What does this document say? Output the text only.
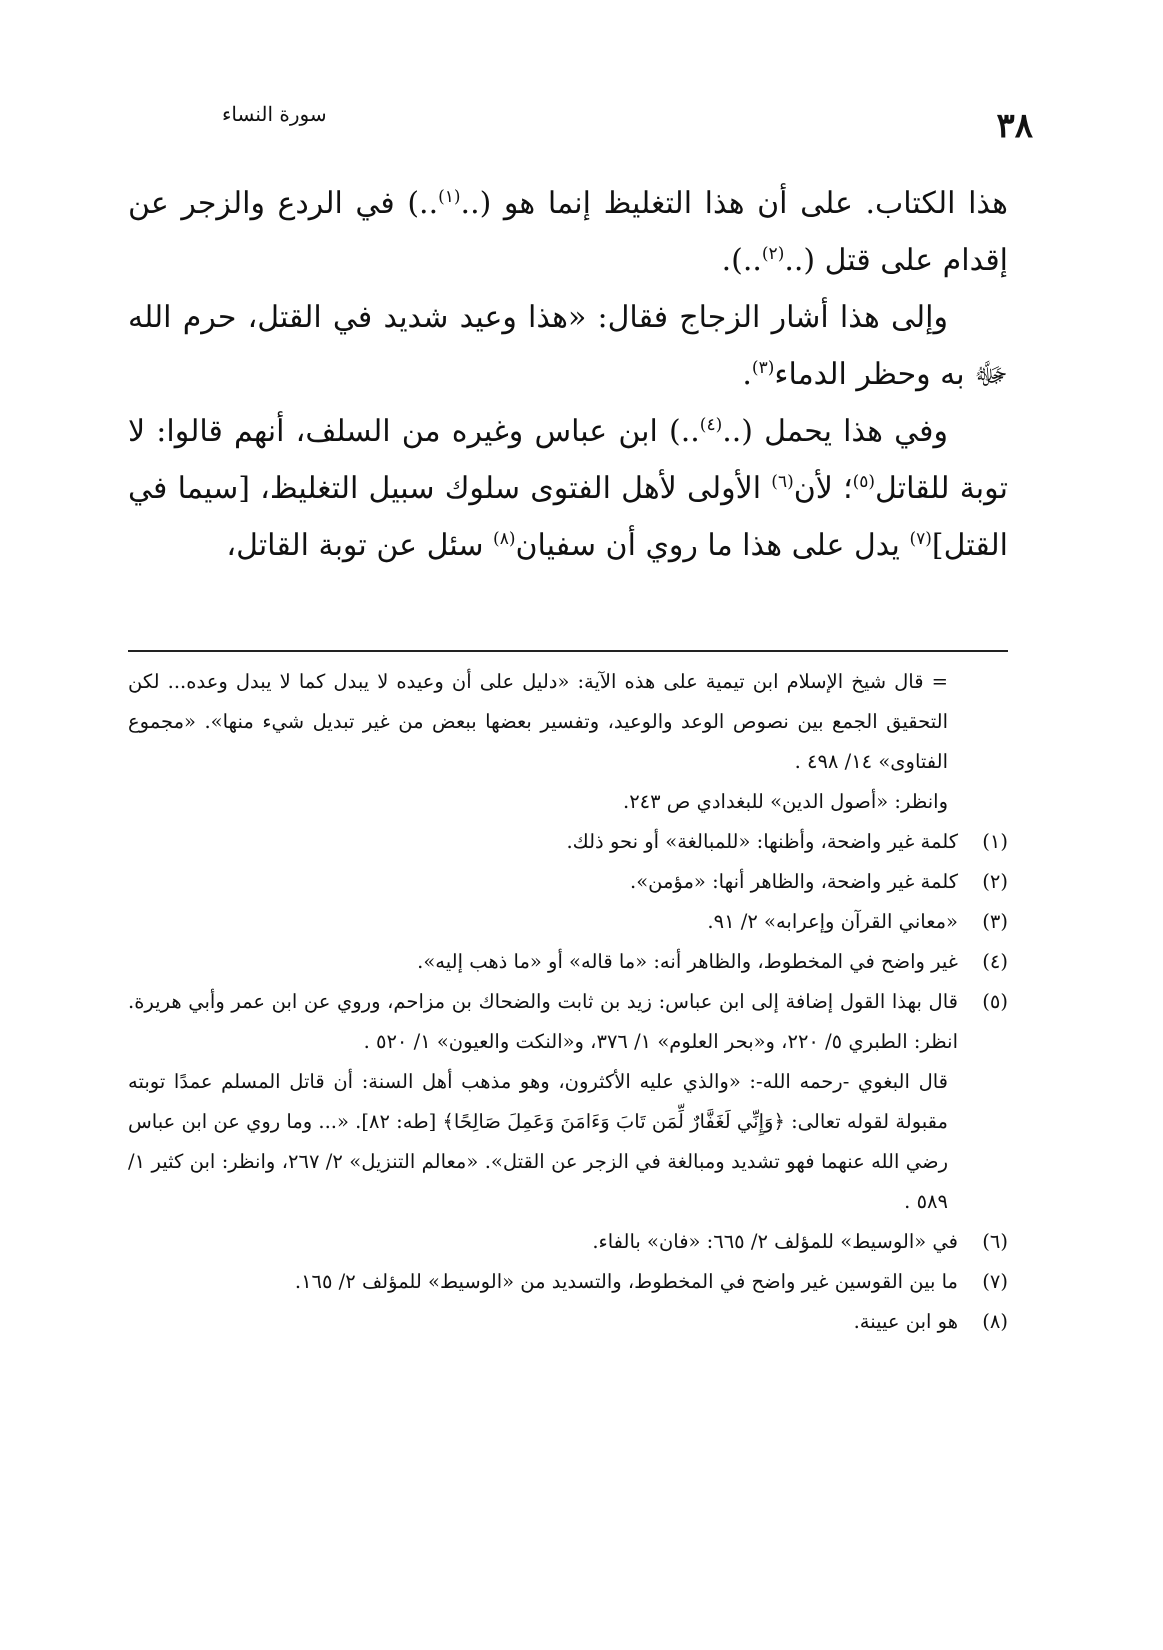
٣٨
سورة النساء

هذا الكتاب. على أن هذا التغليظ إنما هو (..$^{(١)}$..) في الردع والزجر عن إقدام على قتل (..$^{(٢)}$..).

وإلى هذا أشار الزجاج فقال: «هذا وعيد شديد في القتل، حرم الله ﷻ به وحظر الدماء$^{(٣)}$.

وفي هذا يحمل (..$^{(٤)}$..) ابن عباس وغيره من السلف، أنهم قالوا: لا توبة للقاتل$^{(٥)}$؛ لأن$^{(٦)}$ الأولى لأهل الفتوى سلوك سبيل التغليظ، [سيما في القتل]$^{(٧)}$ يدل على هذا ما روي أن سفيان$^{(٨)}$ سئل عن توبة القاتل،

= قال شيخ الإسلام ابن تيمية على هذه الآية: «دليل على أن وعيده لا يبدل كما لا يبدل وعده... لكن التحقيق الجمع بين نصوص الوعد والوعيد، وتفسير بعضها ببعض من غير تبديل شيء منها». «مجموع الفتاوى» ١٤/ ٤٩٨ .

وانظر: «أصول الدين» للبغدادي ص ٢٤٣.

(١)
كلمة غير واضحة، وأظنها: «للمبالغة» أو نحو ذلك.
(٢)
كلمة غير واضحة، والظاهر أنها: «مؤمن».
(٣)
«معاني القرآن وإعرابه» ٢/ ٩١.
(٤)
غير واضح في المخطوط، والظاهر أنه: «ما قاله» أو «ما ذهب إليه».
(٥)
قال بهذا القول إضافة إلى ابن عباس: زيد بن ثابت والضحاك بن مزاحم، وروي عن ابن عمر وأبي هريرة. انظر: الطبري ٥/ ٢٢٠، و«بحر العلوم» ١/ ٣٧٦، و«النكت والعيون» ١/ ٥٢٠ .

قال البغوي -رحمه الله-: «والذي عليه الأكثرون، وهو مذهب أهل السنة: أن قاتل المسلم عمدًا توبته مقبولة لقوله تعالى: ﴿وَإِنِّي لَغَفَّارٌ لِّمَن تَابَ وَءَامَنَ وَعَمِلَ صَالِحًا﴾ [طه: ٨٢]. «... وما روي عن ابن عباس رضي الله عنهما فهو تشديد ومبالغة في الزجر عن القتل». «معالم التنزيل» ٢/ ٢٦٧، وانظر: ابن كثير ١/ ٥٨٩ .

(٦)
في «الوسيط» للمؤلف ٢/ ٦٦٥: «فان» بالفاء.
(٧)
ما بين القوسين غير واضح في المخطوط، والتسديد من «الوسيط» للمؤلف ٢/ ١٦٥.
(٨)
هو ابن عيينة.
